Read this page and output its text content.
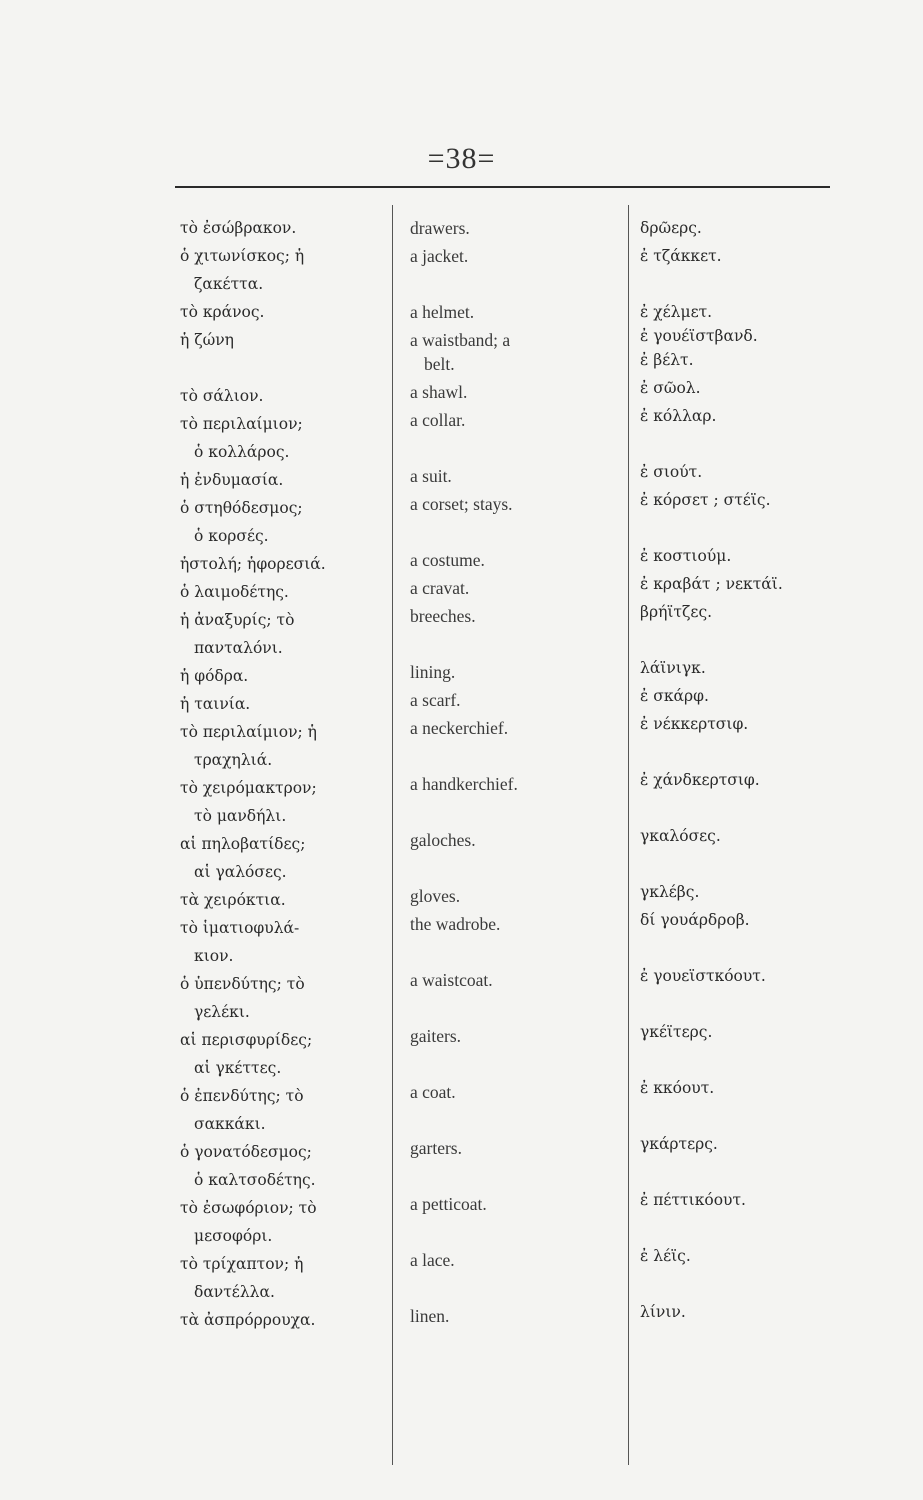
=38=
τὸ ἐσώβρακον.
ὁ χιτωνίσκος; ἡ
ζακέττα.
τὸ κράνος.
ἡ ζώνη
τὸ σάλιον.
τὸ περιλαίμιον;
ὁ κολλάρος.
ἡ ἐνδυμασία.
ὁ στηθόδεσμος;
ὁ κορσές.
ἡστολή; ἡφορεσιά.
ὁ λαιμοδέτης.
ἡ ἀναξυρίς; τὸ
πανταλόνι.
ἡ φόδρα.
ἡ ταινία.
τὸ περιλαίμιον; ἡ
τραχηλιά.
τὸ χειρόμακτρον;
τὸ μανδήλι.
αἱ πηλοβατίδες;
αἱ γαλόσες.
τὰ χειρόκτια.
τὸ ἱματιοφυλά-
κιον.
ὁ ὑπενδύτης; τὸ
γελέκι.
αἱ περισφυρίδες;
αἱ γκέττες.
ὁ ἐπενδύτης; τὸ
σακκάκι.
ὁ γονατόδεσμος;
ὁ καλτσοδέτης.
τὸ ἐσωφόριον; τὸ
μεσοφόρι.
τὸ τρίχαπτον; ἡ
δαντέλλα.
τὰ ἀσπρόρρουχα.
drawers.
a jacket.
a helmet.
a waistband; a
belt.
a shawl.
a collar.
a suit.
a corset; stays.
a costume.
a cravat.
breeches.
lining.
a scarf.
a neckerchief.
a handkerchief.
galoches.
gloves.
the wadrobe.
a waistcoat.
gaiters.
a coat.
garters.
a petticoat.
a lace.
linen.
δρῶερς.
ἐ τζάκκετ.
ἐ χέλμετ.
ἐ γουέϊστβανδ.
ἐ βέλτ.
ἐ σῶολ.
ἐ κόλλαρ.
ἐ σιούτ.
ἐ κόρσετ ; στέϊς.
ἐ κοστιούμ.
ἐ κραβάτ ; νεκτάϊ.
βρήϊτζες.
λάϊνιγκ.
ἐ σκάρφ.
ἐ νέκκερτσιφ.
ἐ χάνδκερτσιφ.
γκαλόσες.
γκλέβς.
δί γουάρδροβ.
ἐ γουεϊστκόουτ.
γκέϊτερς.
ἐ κκόουτ.
γκάρτερς.
ἐ πέττικόουτ.
ἐ λέϊς.
λίνιν.
